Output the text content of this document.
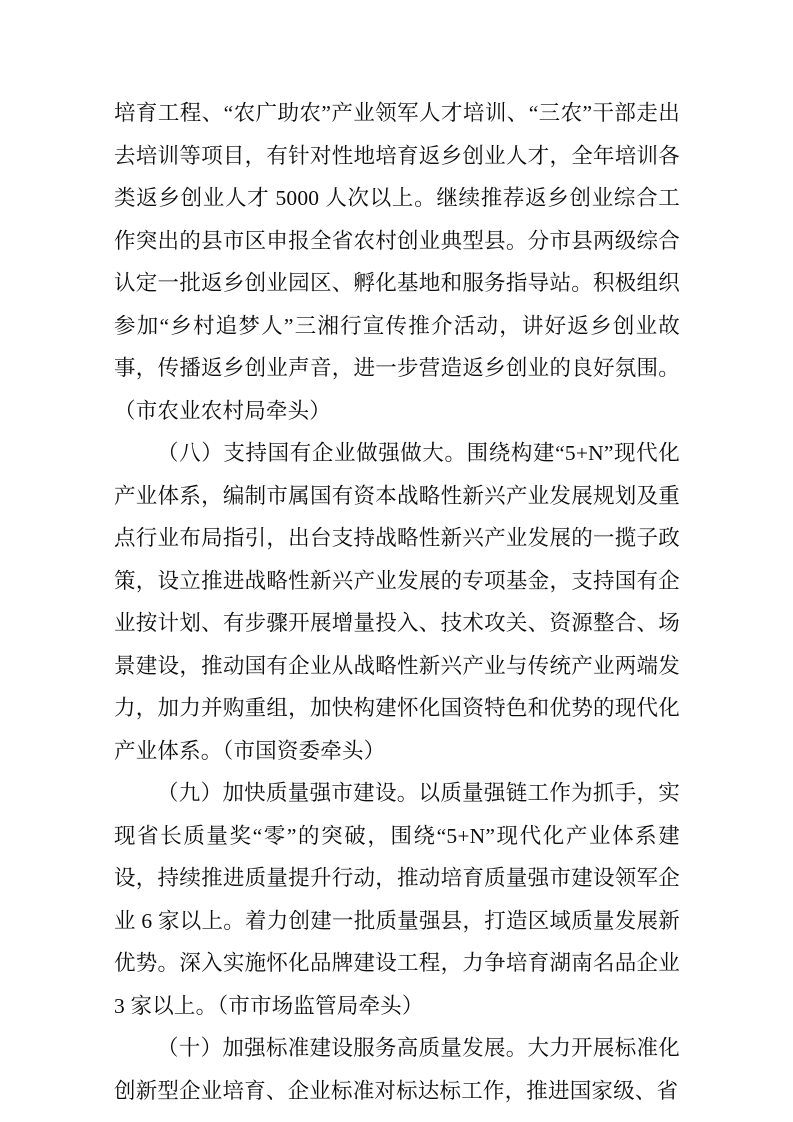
培育工程、“农广助农”产业领军人才培训、“三农”干部走出去培训等项目，有针对性地培育返乡创业人才，全年培训各类返乡创业人才 5000 人次以上。继续推荐返乡创业综合工作突出的县市区申报全省农村创业典型县。分市县两级综合认定一批返乡创业园区、孵化基地和服务指导站。积极组织参加“乡村追梦人”三湘行宣传推介活动，讲好返乡创业故事，传播返乡创业声音，进一步营造返乡创业的良好氛围。（市农业农村局牵头）

（八）支持国有企业做强做大。围绕构建“5+N”现代化产业体系，编制市属国有资本战略性新兴产业发展规划及重点行业布局指引，出台支持战略性新兴产业发展的一揽子政策，设立推进战略性新兴产业发展的专项基金，支持国有企业按计划、有步骤开展增量投入、技术攻关、资源整合、场景建设，推动国有企业从战略性新兴产业与传统产业两端发力，加力并购重组，加快构建怀化国资特色和优势的现代化产业体系。（市国资委牵头）

（九）加快质量强市建设。以质量强链工作为抓手，实现省长质量奖“零”的突破，围绕“5+N”现代化产业体系建设，持续推进质量提升行动，推动培育质量强市建设领军企业 6 家以上。着力创建一批质量强县，打造区域质量发展新优势。深入实施怀化品牌建设工程，力争培育湖南名品企业 3 家以上。（市市场监管局牵头）

（十）加强标准建设服务高质量发展。大力开展标准化创新型企业培育、企业标准对标达标工作，推进国家级、省
